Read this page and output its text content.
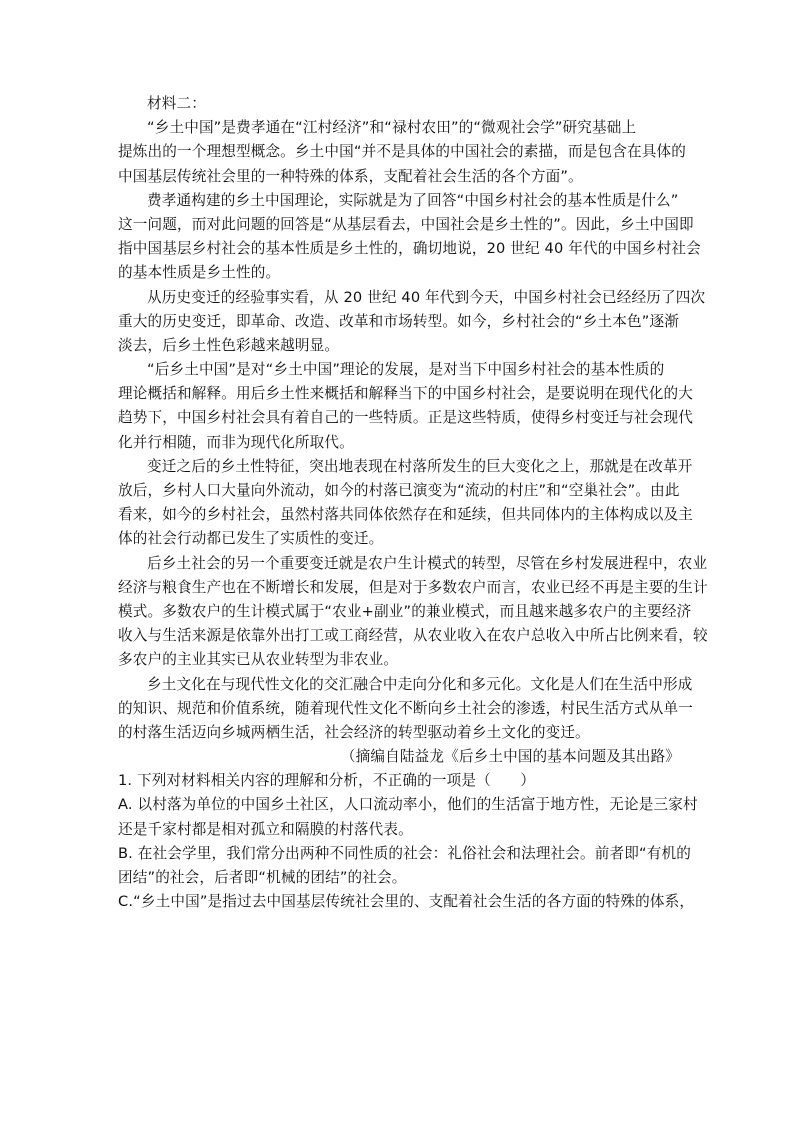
材料二：
“乡土中国”是费孝通在“江村经济”和“禄村农田”的“微观社会学”研究基础上
提炼出的一个理想型概念。乡土中国“并不是具体的中国社会的素描，而是包含在具体的
中国基层传统社会里的一种特殊的体系，支配着社会生活的各个方面”。
费孝通构建的乡土中国理论，实际就是为了回答“中国乡村社会的基本性质是什么”
这一问题，而对此问题的回答是“从基层看去，中国社会是乡土性的”。因此，乡土中国即
指中国基层乡村社会的基本性质是乡土性的，确切地说，20 世纪 40 年代的中国乡村社会
的基本性质是乡土性的。
从历史变迁的经验事实看，从 20 世纪 40 年代到今天，中国乡村社会已经经历了四次
重大的历史变迁，即革命、改造、改革和市场转型。如今，乡村社会的“乡土本色”逐渐
淡去，后乡土性色彩越来越明显。
“后乡土中国”是对“乡土中国”理论的发展，是对当下中国乡村社会的基本性质的
理论概括和解释。用后乡土性来概括和解释当下的中国乡村社会，是要说明在现代化的大
趋势下，中国乡村社会具有着自己的一些特质。正是这些特质，使得乡村变迁与社会现代
化并行相随，而非为现代化所取代。
变迁之后的乡土性特征，突出地表现在村落所发生的巨大变化之上，那就是在改革开
放后，乡村人口大量向外流动，如今的村落已演变为“流动的村庄”和“空巢社会”。由此
看来，如今的乡村社会，虽然村落共同体依然存在和延续，但共同体内的主体构成以及主
体的社会行动都已发生了实质性的变迁。
后乡土社会的另一个重要变迁就是农户生计模式的转型，尽管在乡村发展进程中，农业
经济与粮食生产也在不断增长和发展，但是对于多数农户而言，农业已经不再是主要的生计
模式。多数农户的生计模式属于“农业+副业”的兼业模式，而且越来越多农户的主要经济
收入与生活来源是依靠外出打工或工商经营，从农业收入在农户总收入中所占比例来看，较
多农户的主业其实已从农业转型为非农业。
乡土文化在与现代性文化的交汇融合中走向分化和多元化。文化是人们在生活中形成
的知识、规范和价值系统，随着现代性文化不断向乡土社会的渗透，村民生活方式从单一
的村落生活迈向乡城两栖生活，社会经济的转型驱动着乡土文化的变迁。
（摘编自陆益龙《后乡土中国的基本问题及其出路》
1. 下列对材料相关内容的理解和分析，不正确的一项是（　　）
A. 以村落为单位的中国乡土社区，人口流动率小，他们的生活富于地方性，无论是三家村
还是千家村都是相对孤立和隔膜的村落代表。
B. 在社会学里，我们常分出两种不同性质的社会：礼俗社会和法理社会。前者即“有机的
团结”的社会，后者即“机械的团结”的社会。
C.“乡土中国”是指过去中国基层传统社会里的、支配着社会生活的各方面的特殊的体系，
